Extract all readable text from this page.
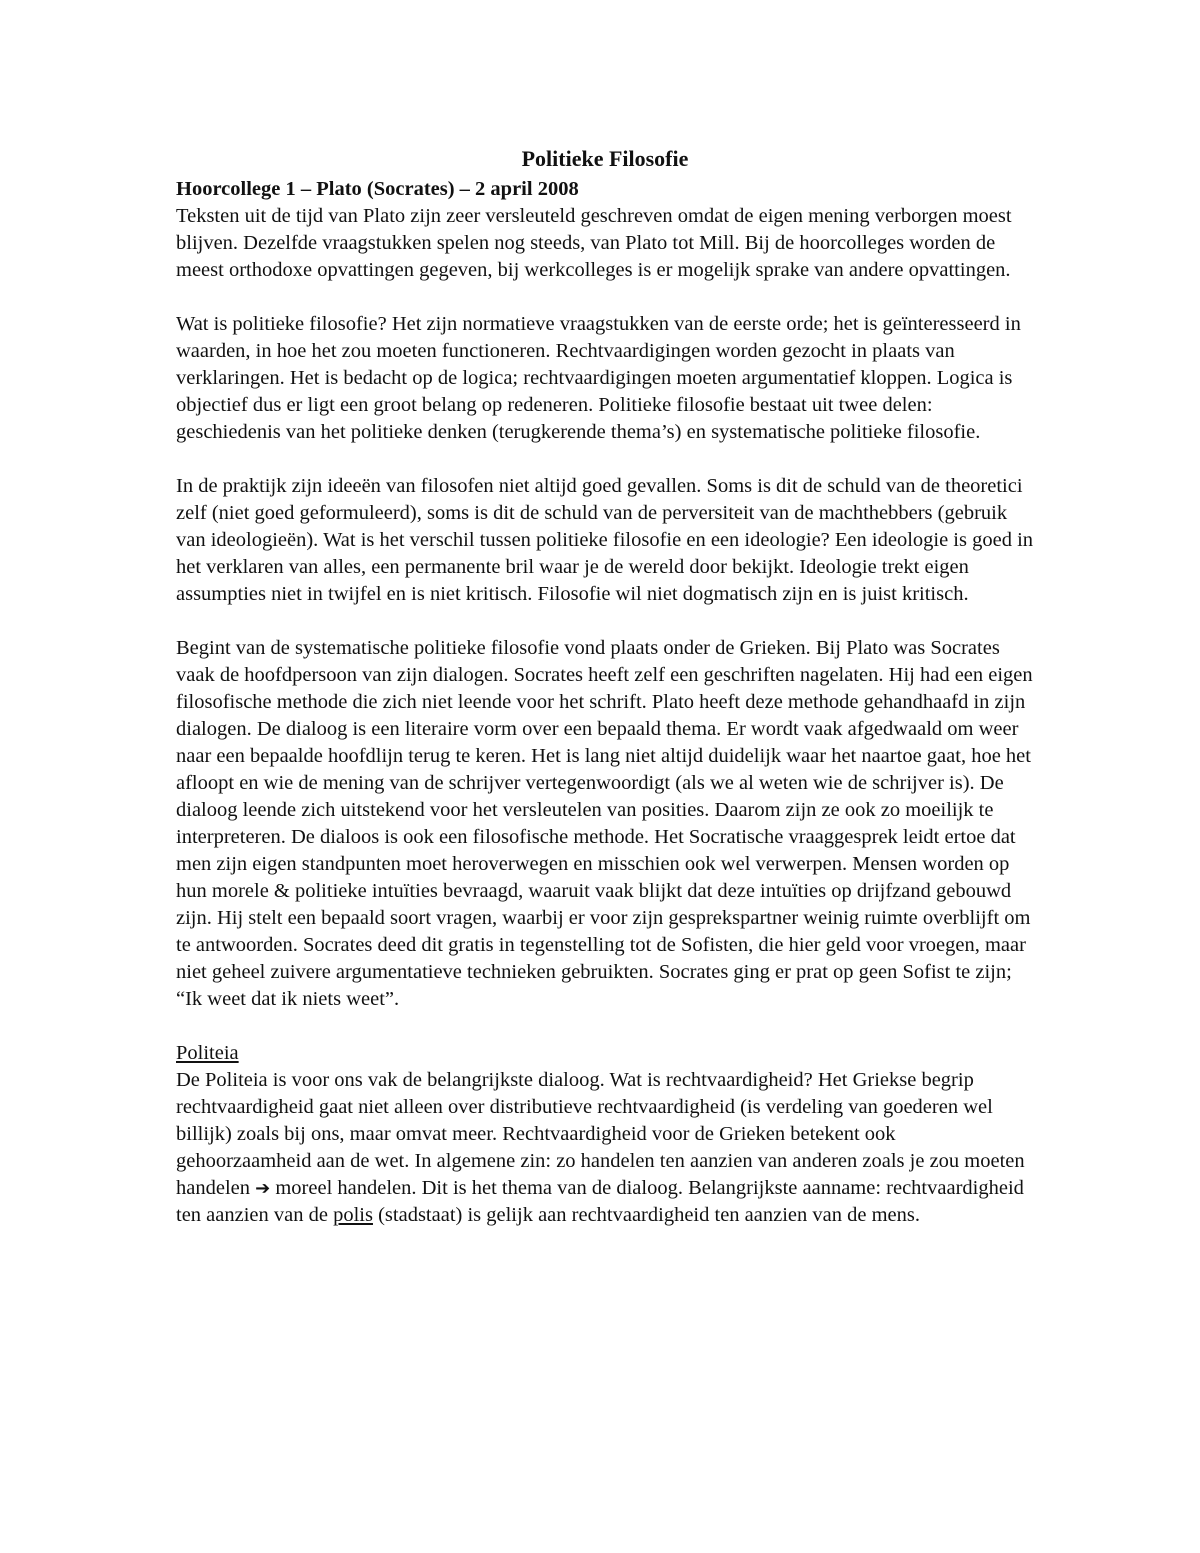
Politieke Filosofie
Hoorcollege 1 – Plato (Socrates) – 2 april 2008

Teksten uit de tijd van Plato zijn zeer versleuteld geschreven omdat de eigen mening verborgen moest blijven. Dezelfde vraagstukken spelen nog steeds, van Plato tot Mill. Bij de hoorcolleges worden de meest orthodoxe opvattingen gegeven, bij werkcolleges is er mogelijk sprake van andere opvattingen.

Wat is politieke filosofie? Het zijn normatieve vraagstukken van de eerste orde; het is geïnteresseerd in waarden, in hoe het zou moeten functioneren. Rechtvaardigingen worden gezocht in plaats van verklaringen. Het is bedacht op de logica; rechtvaardigingen moeten argumentatief kloppen. Logica is objectief dus er ligt een groot belang op redeneren. Politieke filosofie bestaat uit twee delen: geschiedenis van het politieke denken (terugkerende thema’s) en systematische politieke filosofie.

In de praktijk zijn ideeën van filosofen niet altijd goed gevallen. Soms is dit de schuld van de theoretici zelf (niet goed geformuleerd), soms is dit de schuld van de perversiteit van de machthebbers (gebruik van ideologieën). Wat is het verschil tussen politieke filosofie en een ideologie? Een ideologie is goed in het verklaren van alles, een permanente bril waar je de wereld door bekijkt. Ideologie trekt eigen assumpties niet in twijfel en is niet kritisch. Filosofie wil niet dogmatisch zijn en is juist kritisch.

Begint van de systematische politieke filosofie vond plaats onder de Grieken. Bij Plato was Socrates vaak de hoofdpersoon van zijn dialogen. Socrates heeft zelf een geschriften nagelaten. Hij had een eigen filosofische methode die zich niet leende voor het schrift. Plato heeft deze methode gehandhaafd in zijn dialogen. De dialoog is een literaire vorm over een bepaald thema. Er wordt vaak afgedwaald om weer naar een bepaalde hoofdlijn terug te keren. Het is lang niet altijd duidelijk waar het naartoe gaat, hoe het afloopt en wie de mening van de schrijver vertegenwoordigt (als we al weten wie de schrijver is). De dialoog leende zich uitstekend voor het versleutelen van posities. Daarom zijn ze ook zo moeilijk te interpreteren. De dialoos is ook een filosofische methode. Het Socratische vraaggesprek leidt ertoe dat men zijn eigen standpunten moet heroverwegen en misschien ook wel verwerpen. Mensen worden op hun morele & politieke intuïties bevraagd, waaruit vaak blijkt dat deze intuïties op drijfzand gebouwd zijn. Hij stelt een bepaald soort vragen, waarbij er voor zijn gesprekspartner weinig ruimte overblijft om te antwoorden. Socrates deed dit gratis in tegenstelling tot de Sofisten, die hier geld voor vroegen, maar niet geheel zuivere argumentatieve technieken gebruikten. Socrates ging er prat op geen Sofist te zijn; “Ik weet dat ik niets weet”.

Politeia

De Politeia is voor ons vak de belangrijkste dialoog. Wat is rechtvaardigheid? Het Griekse begrip rechtvaardigheid gaat niet alleen over distributieve rechtvaardigheid (is verdeling van goederen wel billijk) zoals bij ons, maar omvat meer. Rechtvaardigheid voor de Grieken betekent ook gehoorzaamheid aan de wet. In algemene zin: zo handelen ten aanzien van anderen zoals je zou moeten handelen ➔ moreel handelen. Dit is het thema van de dialoog. Belangrijkste aanname: rechtvaardigheid ten aanzien van de polis (stadstaat) is gelijk aan rechtvaardigheid ten aanzien van de mens.
